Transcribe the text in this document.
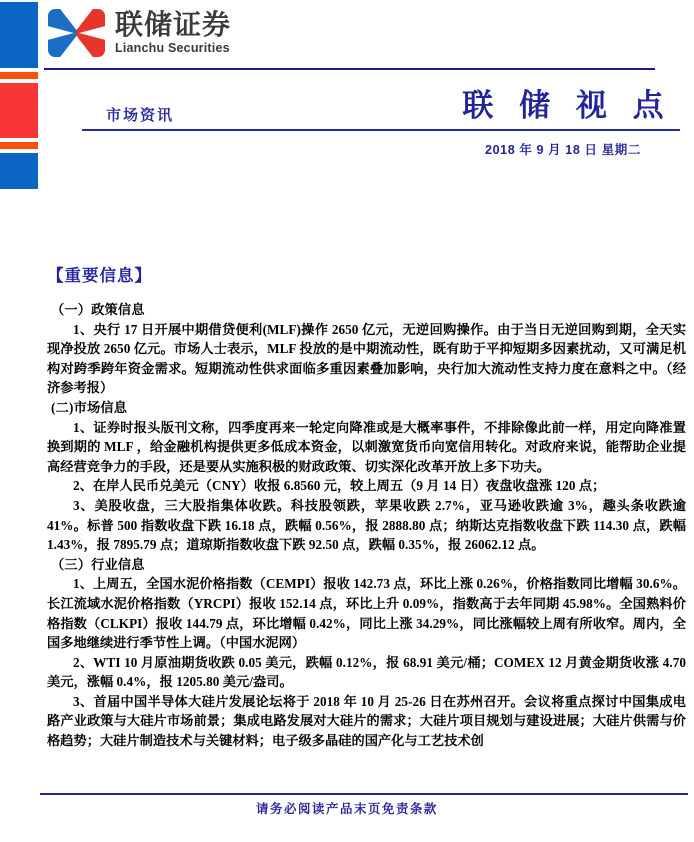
联储证券
Lianchu Securities
市场资讯	联 储 视 点
2018 年 9 月 18 日 星期二
【重要信息】
（一）政策信息
1、央行 17 日开展中期借贷便利(MLF)操作 2650 亿元，无逆回购操作。由于当日无逆回购到期，全天实现净投放 2650 亿元。市场人士表示，MLF 投放的是中期流动性，既有助于平抑短期多因素扰动，又可满足机构对跨季跨年资金需求。短期流动性供求面临多重因素叠加影响，央行加大流动性支持力度在意料之中。（经济参考报）
(二)市场信息
1、证券时报头版刊文称，四季度再来一轮定向降准或是大概率事件，不排除像此前一样，用定向降准置换到期的 MLF ，给金融机构提供更多低成本资金，以刺激宽货币向宽信用转化。对政府来说，能帮助企业提高经营竞争力的手段，还是要从实施积极的财政政策、切实深化改革开放上多下功夫。
2、在岸人民币兑美元（CNY）收报 6.8560 元，较上周五（9 月 14 日）夜盘收盘涨 120 点；
3、美股收盘，三大股指集体收跌。科技股领跌，苹果收跌 2.7%，亚马逊收跌逾 3%，趣头条收跌逾 41%。标普 500 指数收盘下跌 16.18 点，跌幅 0.56%，报 2888.80 点；纳斯达克指数收盘下跌 114.30 点，跌幅 1.43%，报 7895.79 点；道琼斯指数收盘下跌 92.50 点，跌幅 0.35%，报 26062.12 点。
（三）行业信息
1、上周五，全国水泥价格指数（CEMPI）报收 142.73 点，环比上涨 0.26%，价格指数同比增幅 30.6%。长江流域水泥价格指数（YRCPI）报收 152.14 点，环比上升 0.09%，指数高于去年同期 45.98%。全国熟料价格指数（CLKPI）报收 144.79 点，环比增幅 0.42%，同比上涨 34.29%，同比涨幅较上周有所收窄。周内，全国多地继续进行季节性上调。（中国水泥网）
2、WTI 10 月原油期货收跌 0.05 美元，跌幅 0.12%，报 68.91 美元/桶；COMEX 12 月黄金期货收涨 4.70 美元，涨幅 0.4%，报 1205.80 美元/盎司。
3、首届中国半导体大硅片发展论坛将于 2018 年 10 月 25-26 日在苏州召开。会议将重点探讨中国集成电路产业政策与大硅片市场前景；集成电路发展对大硅片的需求；大硅片项目规划与建设进展；大硅片供需与价格趋势；大硅片制造技术与关键材料；电子级多晶硅的国产化与工艺技术创
请务必阅读产品末页免责条款
